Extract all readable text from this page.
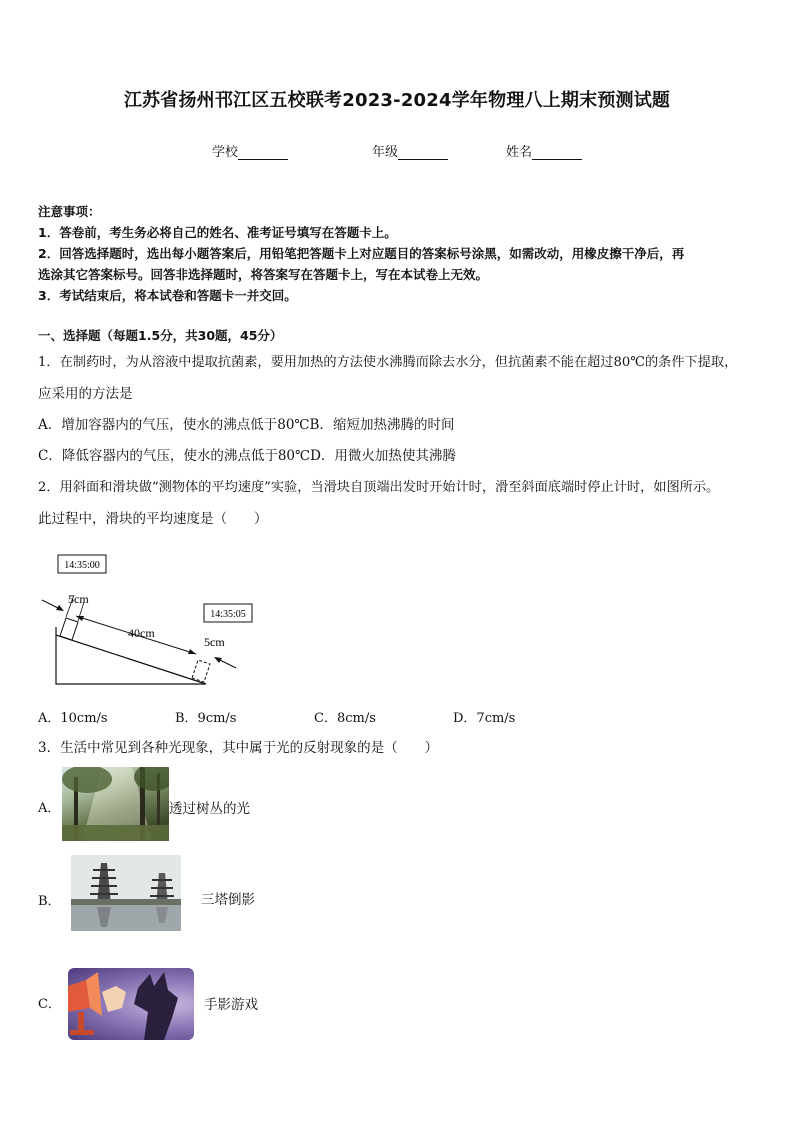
江苏省扬州邗江区五校联考2023-2024学年物理八上期末预测试题
学校	年级	姓名

注意事项：

1．答卷前，考生务必将自己的姓名、准考证号填写在答题卡上。

2．回答选择题时，选出每小题答案后，用铅笔把答题卡上对应题目的答案标号涂黑，如需改动，用橡皮擦干净后，再

选涂其它答案标号。回答非选择题时，将答案写在答题卡上，写在本试卷上无效。

3．考试结束后，将本试卷和答题卡一并交回。

一、选择题（每题1.5分，共30题，45分）
1．在制药时，为从溶液中提取抗菌素，要用加热的方法使水沸腾而除去水分，但抗菌素不能在超过80℃的条件下提取，
应采用的方法是
A．增加容器内的气压，使水的沸点低于80℃B．缩短加热沸腾的时间
C．降低容器内的气压，使水的沸点低于80℃D．用微火加热使其沸腾
2．用斜面和滑块做“测物体的平均速度”实验，当滑块自顶端出发时开始计时，滑至斜面底端时停止计时，如图所示。
此过程中，滑块的平均速度是（　　）
14:35:00
14:35:05
40cm
5cm
5cm
A．10cm/s	B．9cm/s	C．8cm/s	D．7cm/s
3．生活中常见到各种光现象，其中属于光的反射现象的是（　　）
A．	透过树丛的光
B．	三塔倒影
C．	手影游戏
